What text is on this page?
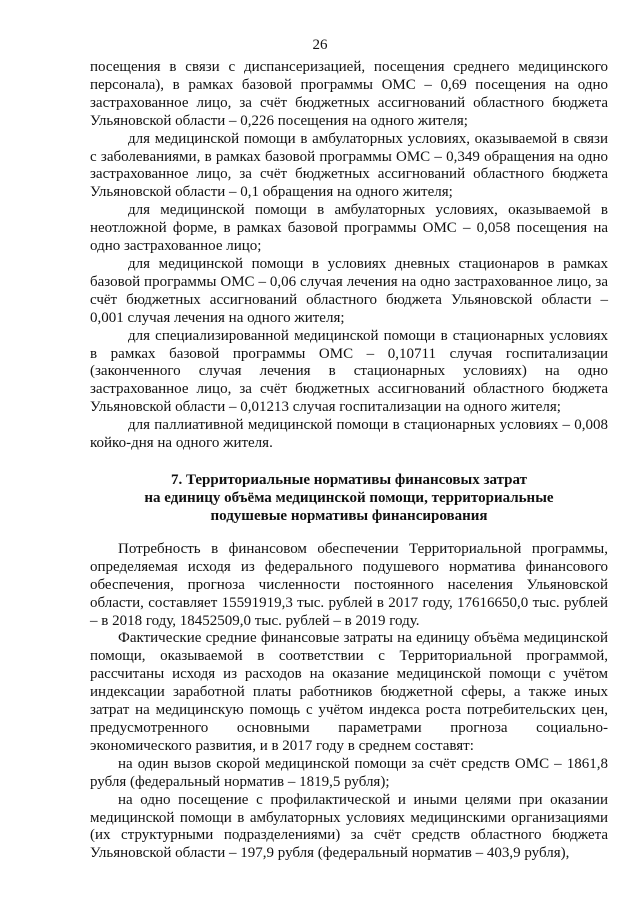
26

посещения в связи с диспансеризацией, посещения среднего медицинского персонала), в рамках базовой программы ОМС – 0,69 посещения на одно застрахованное лицо, за счёт бюджетных ассигнований областного бюджета Ульяновской области – 0,226 посещения на одного жителя;

для медицинской помощи в амбулаторных условиях, оказываемой в связи с заболеваниями, в рамках базовой программы ОМС – 0,349 обращения на одно застрахованное лицо, за счёт бюджетных ассигнований областного бюджета Ульяновской области – 0,1 обращения на одного жителя;

для медицинской помощи в амбулаторных условиях, оказываемой в неотложной форме, в рамках базовой программы ОМС – 0,058 посещения на одно застрахованное лицо;

для медицинской помощи в условиях дневных стационаров в рамках базовой программы ОМС – 0,06 случая лечения на одно застрахованное лицо, за счёт бюджетных ассигнований областного бюджета Ульяновской области – 0,001 случая лечения на одного жителя;

для специализированной медицинской помощи в стационарных условиях в рамках базовой программы ОМС – 0,10711 случая госпитализации (законченного случая лечения в стационарных условиях) на одно застрахованное лицо, за счёт бюджетных ассигнований областного бюджета Ульяновской области – 0,01213 случая госпитализации на одного жителя;

для паллиативной медицинской помощи в стационарных условиях – 0,008 койко-дня на одного жителя.

7. Территориальные нормативы финансовых затрат
на единицу объёма медицинской помощи, территориальные
подушевые нормативы финансирования

Потребность в финансовом обеспечении Территориальной программы, определяемая исходя из федерального подушевого норматива финансового обеспечения, прогноза численности постоянного населения Ульяновской области, составляет 15591919,3 тыс. рублей в 2017 году, 17616650,0 тыс. рублей – в 2018 году, 18452509,0 тыс. рублей – в 2019 году.

Фактические средние финансовые затраты на единицу объёма медицинской помощи, оказываемой в соответствии с Территориальной программой, рассчитаны исходя из расходов на оказание медицинской помощи с учётом индексации заработной платы работников бюджетной сферы, а также иных затрат на медицинскую помощь с учётом индекса роста потребительских цен, предусмотренного основными параметрами прогноза социально-экономического развития, и в 2017 году в среднем составят:

на один вызов скорой медицинской помощи за счёт средств ОМС – 1861,8 рубля (федеральный норматив – 1819,5 рубля);

на одно посещение с профилактической и иными целями при оказании медицинской помощи в амбулаторных условиях медицинскими организациями (их структурными подразделениями) за счёт средств областного бюджета Ульяновской области – 197,9 рубля (федеральный норматив – 403,9 рубля),
